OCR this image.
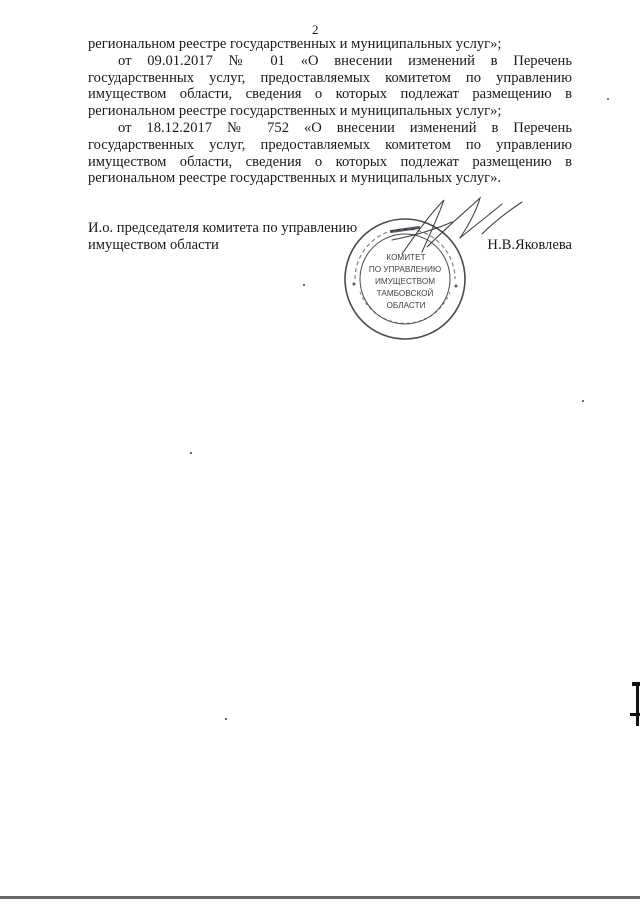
2

региональном реестре государственных и муниципальных услуг»;

от 09.01.2017 № 01 «О внесении изменений в Перечень государственных услуг, предоставляемых комитетом по управлению имуществом области, сведения о которых подлежат размещению в региональном реестре государственных и муниципальных услуг»;

от 18.12.2017 № 752 «О внесении изменений в Перечень государственных услуг, предоставляемых комитетом по управлению имуществом области, сведения о которых подлежат размещению в региональном реестре государственных и муниципальных услуг».

И.о. председателя комитета по управлению
имуществом области	Н.В.Яковлева
КОМИТЕТ
ПО УПРАВЛЕНИЮ
ИМУЩЕСТВОМ
ТАМБОВСКОЙ
ОБЛАСТИ
